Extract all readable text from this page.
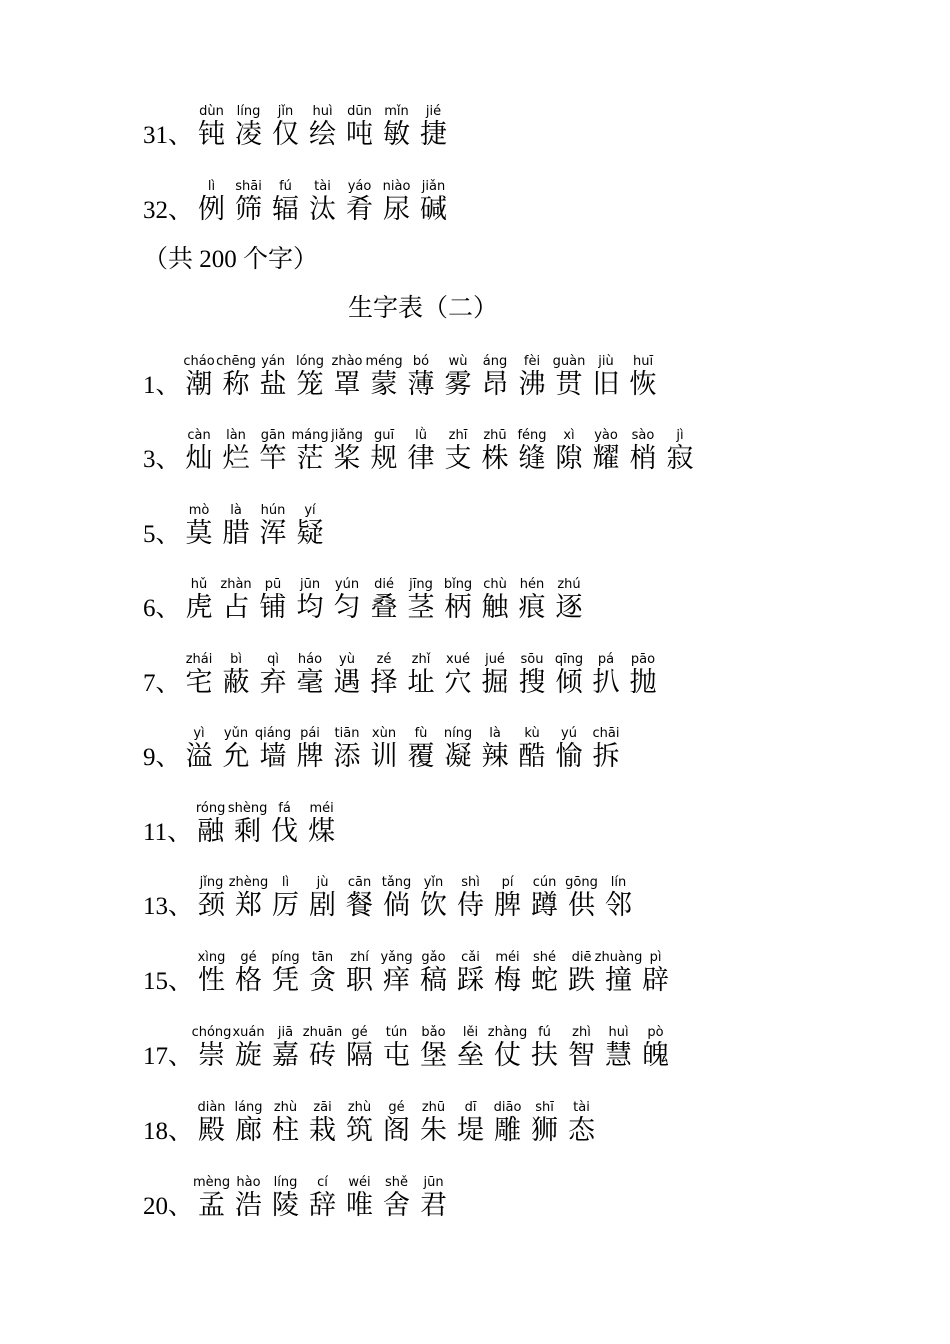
31、
dùn
钝
líng
凌
jǐn
仅
huì
绘
dūn
吨
mǐn
敏
jié
捷
32、
lì
例
shāi
筛
fú
辐
tài
汰
yáo
肴
niào
尿
jiǎn
碱
（共 200 个字）
生字表（二）
1、
cháo
潮
chēng
称
yán
盐
lóng
笼
zhào
罩
méng
蒙
bó
薄
wù
雾
áng
昂
fèi
沸
guàn
贯
jiù
旧
huī
恢
3、
càn
灿
làn
烂
gān
竿
máng
茫
jiǎng
桨
guī
规
lǜ
律
zhī
支
zhū
株
féng
缝
xì
隙
yào
耀
sào
梢
jì
寂
5、
mò
莫
là
腊
hún
浑
yí
疑
6、
hǔ
虎
zhàn
占
pū
铺
jūn
均
yún
匀
dié
叠
jīng
茎
bǐng
柄
chù
触
hén
痕
zhú
逐
7、
zhái
宅
bì
蔽
qì
弃
háo
毫
yù
遇
zé
择
zhǐ
址
xué
穴
jué
掘
sōu
搜
qīng
倾
pá
扒
pāo
抛
9、
yì
溢
yǔn
允
qiáng
墙
pái
牌
tiān
添
xùn
训
fù
覆
níng
凝
là
辣
kù
酷
yú
愉
chāi
拆
11、
róng
融
shèng
剩
fá
伐
méi
煤
13、
jǐng
颈
zhèng
郑
lì
厉
jù
剧
cān
餐
tǎng
倘
yǐn
饮
shì
侍
pí
脾
cún
蹲
gōng
供
lín
邻
15、
xìng
性
gé
格
píng
凭
tān
贪
zhí
职
yǎng
痒
gǎo
稿
cǎi
踩
méi
梅
shé
蛇
diē
跌
zhuàng
撞
pì
辟
17、
chóng
崇
xuán
旋
jiā
嘉
zhuān
砖
gé
隔
tún
屯
bǎo
堡
lěi
垒
zhàng
仗
fú
扶
zhì
智
huì
慧
pò
魄
18、
diàn
殿
láng
廊
zhù
柱
zāi
栽
zhù
筑
gé
阁
zhū
朱
dī
堤
diāo
雕
shī
狮
tài
态
20、
mèng
孟
hào
浩
líng
陵
cí
辞
wéi
唯
shě
舍
jūn
君
